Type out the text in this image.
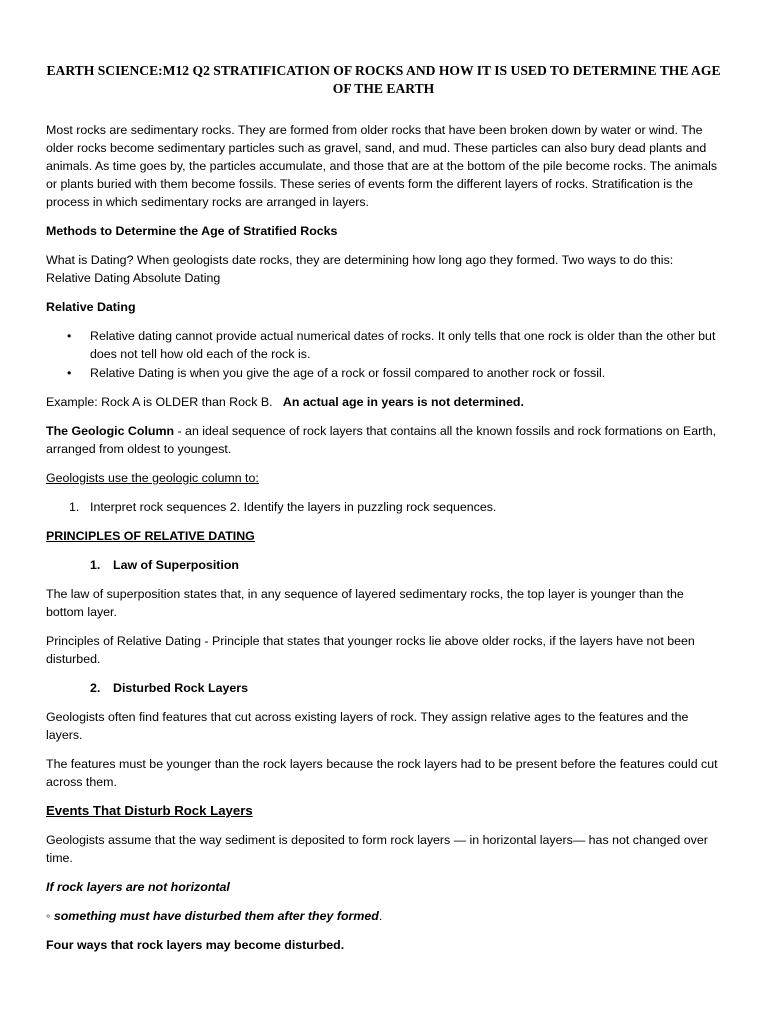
EARTH SCIENCE:M12 Q2 STRATIFICATION OF ROCKS AND HOW IT IS USED TO DETERMINE THE AGE OF THE EARTH

Most rocks are sedimentary rocks. They are formed from older rocks that have been broken down by water or wind. The older rocks become sedimentary particles such as gravel, sand, and mud. These particles can also bury dead plants and animals. As time goes by, the particles accumulate, and those that are at the bottom of the pile become rocks. The animals or plants buried with them become fossils. These series of events form the different layers of rocks. Stratification is the process in which sedimentary rocks are arranged in layers.

Methods to Determine the Age of Stratified Rocks

What is Dating? When geologists date rocks, they are determining how long ago they formed. Two ways to do this: Relative Dating Absolute Dating

Relative Dating

• Relative dating cannot provide actual numerical dates of rocks. It only tells that one rock is older than the other but does not tell how old each of the rock is.
• Relative Dating is when you give the age of a rock or fossil compared to another rock or fossil.

Example: Rock A is OLDER than Rock B. An actual age in years is not determined.

The Geologic Column - an ideal sequence of rock layers that contains all the known fossils and rock formations on Earth, arranged from oldest to youngest.

Geologists use the geologic column to:

1. Interpret rock sequences 2. Identify the layers in puzzling rock sequences.

PRINCIPLES OF RELATIVE DATING

1. Law of Superposition

The law of superposition states that, in any sequence of layered sedimentary rocks, the top layer is younger than the bottom layer.

Principles of Relative Dating - Principle that states that younger rocks lie above older rocks, if the layers have not been disturbed.

2. Disturbed Rock Layers

Geologists often find features that cut across existing layers of rock. They assign relative ages to the features and the layers.

The features must be younger than the rock layers because the rock layers had to be present before the features could cut across them.

Events That Disturb Rock Layers

Geologists assume that the way sediment is deposited to form rock layers — in horizontal layers— has not changed over time.

If rock layers are not horizontal

◦ something must have disturbed them after they formed.

Four ways that rock layers may become disturbed.
